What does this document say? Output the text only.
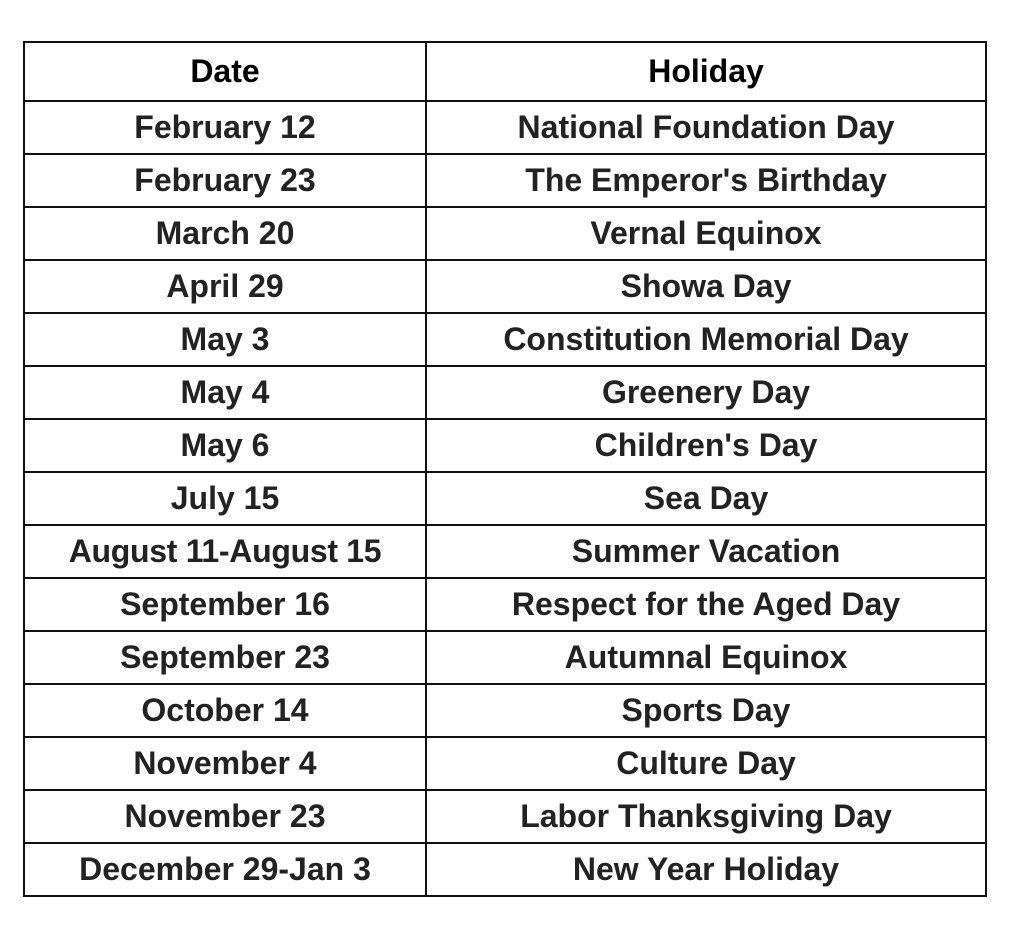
Date	Holiday
February 12	National Foundation Day
February 23	The Emperor's Birthday
March 20	Vernal Equinox
April 29	Showa Day
May 3	Constitution Memorial Day
May 4	Greenery Day
May 6	Children's Day
July 15	Sea Day
August 11-August 15	Summer Vacation
September 16	Respect for the Aged Day
September 23	Autumnal Equinox
October 14	Sports Day
November 4	Culture Day
November 23	Labor Thanksgiving Day
December 29-Jan 3	New Year Holiday
